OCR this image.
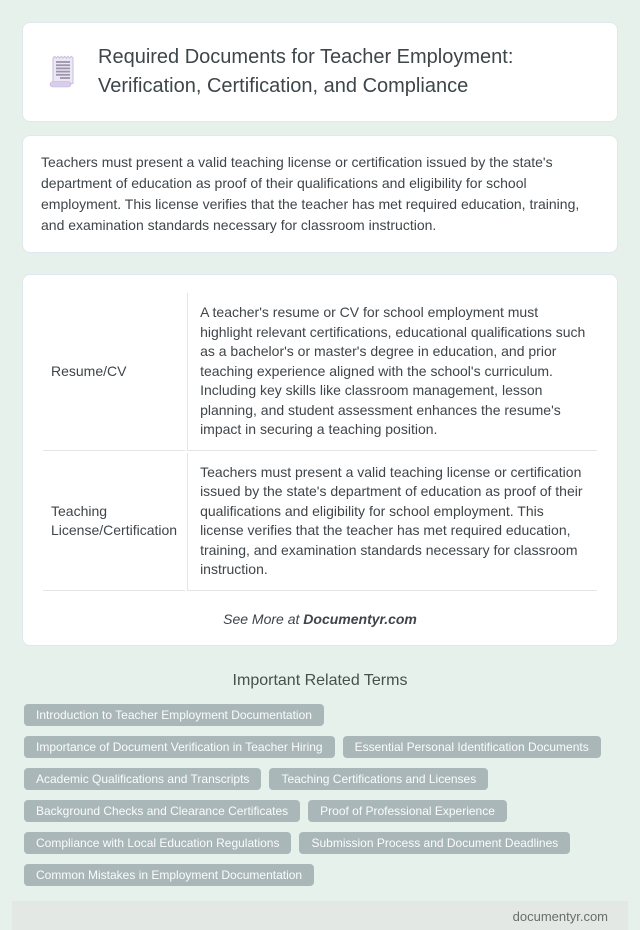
Required Documents for Teacher Employment: Verification, Certification, and Compliance
Teachers must present a valid teaching license or certification issued by the state's department of education as proof of their qualifications and eligibility for school employment. This license verifies that the teacher has met required education, training, and examination standards necessary for classroom instruction.
Resume/CV	A teacher's resume or CV for school employment must highlight relevant certifications, educational qualifications such as a bachelor's or master's degree in education, and prior teaching experience aligned with the school's curriculum. Including key skills like classroom management, lesson planning, and student assessment enhances the resume's impact in securing a teaching position.
Teaching License/Certification	Teachers must present a valid teaching license or certification issued by the state's department of education as proof of their qualifications and eligibility for school employment. This license verifies that the teacher has met required education, training, and examination standards necessary for classroom instruction.
See More at Documentyr.com
Important Related Terms
Introduction to Teacher Employment Documentation
Importance of Document Verification in Teacher Hiring	Essential Personal Identification Documents
Academic Qualifications and Transcripts	Teaching Certifications and Licenses
Background Checks and Clearance Certificates	Proof of Professional Experience
Compliance with Local Education Regulations	Submission Process and Document Deadlines
Common Mistakes in Employment Documentation
documentyr.com
